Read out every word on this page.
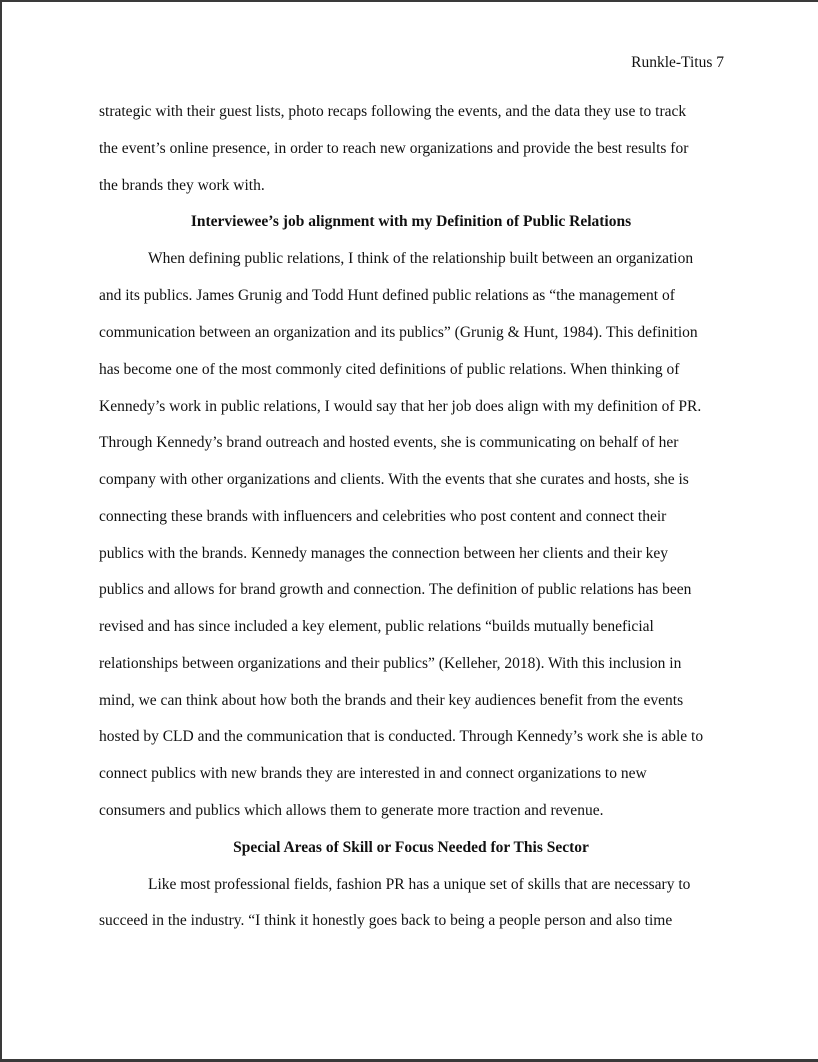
Runkle-Titus 7
strategic with their guest lists, photo recaps following the events, and the data they use to track
the event’s online presence, in order to reach new organizations and provide the best results for
the brands they work with.
Interviewee’s job alignment with my Definition of Public Relations
When defining public relations, I think of the relationship built between an organization
and its publics. James Grunig and Todd Hunt defined public relations as “the management of
communication between an organization and its publics” (Grunig & Hunt, 1984). This definition
has become one of the most commonly cited definitions of public relations. When thinking of
Kennedy’s work in public relations, I would say that her job does align with my definition of PR.
Through Kennedy’s brand outreach and hosted events, she is communicating on behalf of her
company with other organizations and clients. With the events that she curates and hosts, she is
connecting these brands with influencers and celebrities who post content and connect their
publics with the brands. Kennedy manages the connection between her clients and their key
publics and allows for brand growth and connection. The definition of public relations has been
revised and has since included a key element, public relations “builds mutually beneficial
relationships between organizations and their publics” (Kelleher, 2018). With this inclusion in
mind, we can think about how both the brands and their key audiences benefit from the events
hosted by CLD and the communication that is conducted. Through Kennedy’s work she is able to
connect publics with new brands they are interested in and connect organizations to new
consumers and publics which allows them to generate more traction and revenue.
Special Areas of Skill or Focus Needed for This Sector
Like most professional fields, fashion PR has a unique set of skills that are necessary to
succeed in the industry. “I think it honestly goes back to being a people person and also time
